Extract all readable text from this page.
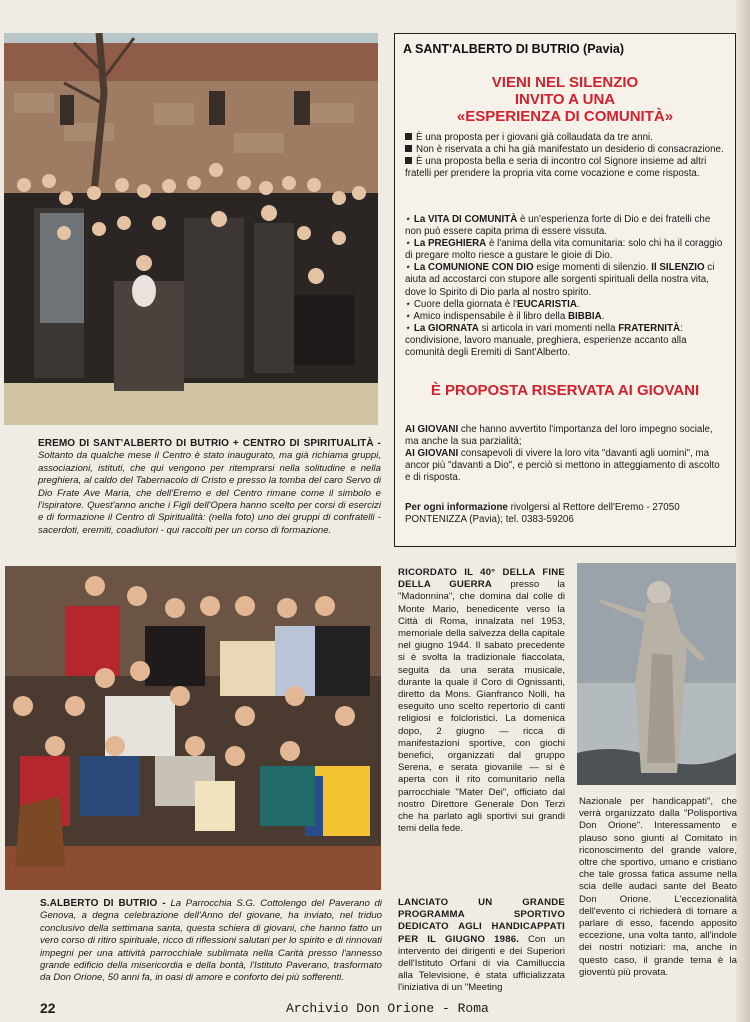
EREMO DI SANT'ALBERTO DI BUTRIO + CENTRO DI SPIRITUALITÀ - Soltanto da qualche mese il Centro è stato inaugurato, ma già richiama gruppi, associazioni, istituti, che qui vengono per ritemprarsi nella solitudine e nella preghiera, al caldo del Tabernacolo di Cristo e presso la tomba del caro Servo di Dio Frate Ave Maria, che dell'Eremo e del Centro rimane come il simbolo e l'ispiratore. Quest'anno anche i Figli dell'Opera hanno scelto per corsi di esercizi e di formazione il Centro di Spiritualità: (nella foto) uno dei gruppi di confratelli - sacerdoti, eremiti, coadiutori - qui raccolti per un corso di formazione.
A SANT'ALBERTO DI BUTRIO (Pavia)
VIENI NEL SILENZIO
INVITO A UNA
«ESPERIENZA DI COMUNITÀ»
È una proposta per i giovani già collaudata da tre anni.
Non è riservata a chi ha già manifestato un desiderio di consacrazione.
È una proposta bella e seria di incontro col Signore insieme ad altri fratelli per prendere la propria vita come vocazione e come risposta.
⋆ La VITA DI COMUNITÀ è un'esperienza forte di Dio e dei fratelli che non può essere capita prima di essere vissuta.
⋆ La PREGHIERA è l'anima della vita comunitaria: solo chi ha il coraggio di pregare molto riesce a gustare le gioie di Dio.
⋆ La COMUNIONE CON DIO esige momenti di silenzio. Il SILENZIO ci aiuta ad accostarci con stupore alle sorgenti spirituali della nostra vita, dove lo Spirito di Dio parla al nostro spirito.
⋆ Cuore della giornata è l'EUCARISTIA.
⋆ Amico indispensabile è il libro della BIBBIA.
⋆ La GIORNATA si articola in vari momenti nella FRATERNITÀ: condivisione, lavoro manuale, preghiera, esperienze accanto alla comunità degli Eremiti di Sant'Alberto.
È PROPOSTA RISERVATA AI GIOVANI
AI GIOVANI che hanno avvertito l'importanza del loro impegno sociale, ma anche la sua parzialità;
AI GIOVANI consapevoli di vivere la loro vita "davanti agli uomini", ma ancor più "davanti a Dio", e perciò si mettono in atteggiamento di ascolto e di risposta.
Per ogni informazione rivolgersi al Rettore dell'Eremo - 27050 PONTENIZZA (Pavia); tel. 0383-59206
S.ALBERTO DI BUTRIO - La Parrocchia S.G. Cottolengo del Paverano di Genova, a degna celebrazione dell'Anno del giovane, ha inviato, nel triduo conclusivo della settimana santa, questa schiera di giovani, che hanno fatto un vero corso di ritiro spirituale, ricco di riflessioni salutari per lo spirito e di rinnovati impegni per una attività parrocchiale sublimata nella Carità presso l'annesso grande edificio della misericordia e della bontà, l'Istituto Paverano, trasformato da Don Orione, 50 anni fa, in oasi di amore e conforto dei più sofferenti.
RICORDATO IL 40° DELLA FINE DELLA GUERRA presso la "Madonnina", che domina dal colle di Monte Mario, benedicente verso la Città di Roma, innalzata nel 1953, memoriale della salvezza della capitale nel giugno 1944. Il sabato precedente si è svolta la tradizionale fiaccolata, seguita da una serata musicale, durante la quale il Coro di Ognissanti, diretto da Mons. Gianfranco Nolli, ha eseguito uno scelto repertorio di canti religiosi e folcloristici. La domenica dopo, 2 giugno — ricca di manifestazioni sportive, con giochi benefici, organizzati dal gruppo Serena, e serata giovanile — si è aperta con il rito comunitario nella parrocchiale "Mater Dei", officiato dal nostro Direttore Generale Don Terzi che ha parlato agli sportivi sui grandi temi della fede.
LANCIATO UN GRANDE PROGRAMMA SPORTIVO DEDICATO AGLI HANDICAPPATI PER IL GIUGNO 1986. Con un intervento dei dirigenti e dei Superiori dell'Istituto Orfani di via Camilluccia alla Televisione, è stata ufficializzata l'iniziativa di un "Meeting
Nazionale per handicappati", che verrà organizzato dalla "Polisportiva Don Orione". Interessamento e plauso sono giunti al Comitato in riconoscimento del grande valore, oltre che sportivo, umano e cristiano che tale grossa fatica assume nella scia delle audaci sante del Beato Don Orione. L'eccezionalità dell'evento ci richiederà di tornare a parlare di esso, facendo apposito eccezione, una volta tanto, all'indole dei nostri notiziari: ma, anche in questo caso, il grande tema è la gioventù più provata.
22	Archivio Don Orione - Roma
